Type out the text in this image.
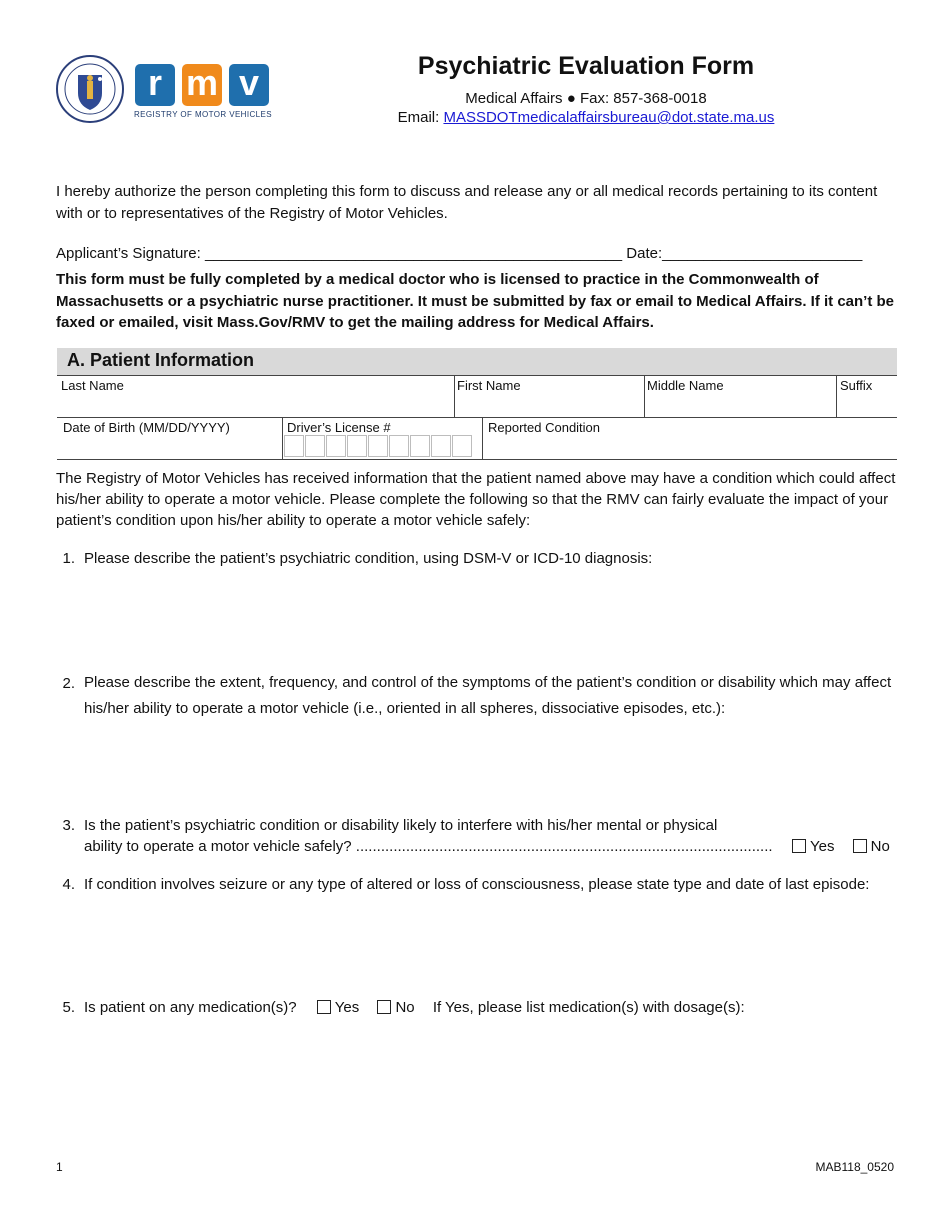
r m v
REGISTRY OF MOTOR VEHICLES
Psychiatric Evaluation Form
Medical Affairs ● Fax: 857-368-0018
Email: MASSDOTmedicalaffairsbureau@dot.state.ma.us
I hereby authorize the person completing this form to discuss and release any or all medical records pertaining to its content with or to representatives of the Registry of Motor Vehicles.
Applicant’s Signature: __________________________________________________ Date:________________________
This form must be fully completed by a medical doctor who is licensed to practice in the Commonwealth of Massachusetts or a psychiatric nurse practitioner. It must be submitted by fax or email to Medical Affairs. If it can’t be faxed or emailed, visit Mass.Gov/RMV to get the mailing address for Medical Affairs.
A. Patient Information
Last Name	First Name	Middle Name	Suffix
Date of Birth (MM/DD/YYYY)	Driver’s License #	Reported Condition
The Registry of Motor Vehicles has received information that the patient named above may have a condition which could affect his/her ability to operate a motor vehicle. Please complete the following so that the RMV can fairly evaluate the impact of your patient’s condition upon his/her ability to operate a motor vehicle safely:
1. Please describe the patient’s psychiatric condition, using DSM-V or ICD-10 diagnosis:
2. Please describe the extent, frequency, and control of the symptoms of the patient’s condition or disability which may affect his/her ability to operate a motor vehicle (i.e., oriented in all spheres, dissociative episodes, etc.):
3. Is the patient’s psychiatric condition or disability likely to interfere with his/her mental or physical
ability to operate a motor vehicle safely? ....................................................................................................	Yes No
4. If condition involves seizure or any type of altered or loss of consciousness, please state type and date of last episode:
5. Is patient on any medication(s)?	Yes No If Yes, please list medication(s) with dosage(s):
1	MAB118_0520
